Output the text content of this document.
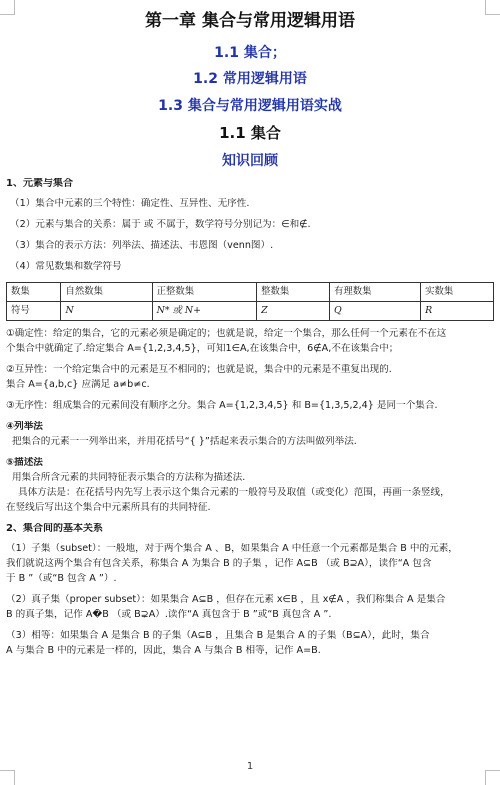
第一章 集合与常用逻辑用语
1.1 集合；
1.2 常用逻辑用语
1.3 集合与常用逻辑用语实战
1.1 集合
知识回顾
1、元素与集合
（1）集合中元素的三个特性：确定性、互异性、无序性.
（2）元素与集合的关系：属于 或 不属于，数学符号分别记为：∈和∉.
（3）集合的表示方法：列举法、描述法、韦恩图（venn图）.
（4）常见数集和数学符号
数集	自然数集	正整数集	整数集	有理数集	实数集
符号	N	N* 或 N+	Z	Q	R
①确定性：给定的集合，它的元素必须是确定的；也就是说，给定一个集合，那么任何一个元素在不在这
个集合中就确定了.给定集合 A={1,2,3,4,5}，可知1∈A,在该集合中，6∉A,不在该集合中；
②互异性：一个给定集合中的元素是互不相同的；也就是说，集合中的元素是不重复出现的.
集合 A={a,b,c} 应满足 a≠b≠c.
③无序性：组成集合的元素间没有顺序之分。集合 A={1,2,3,4,5} 和 B={1,3,5,2,4} 是同一个集合.
④列举法
把集合的元素一一列举出来，并用花括号“{ }”括起来表示集合的方法叫做列举法.
⑤描述法
用集合所含元素的共同特征表示集合的方法称为描述法.
具体方法是：在花括号内先写上表示这个集合元素的一般符号及取值（或变化）范围，再画一条竖线，
在竖线后写出这个集合中元素所具有的共同特征.
2、集合间的基本关系
（1）子集（subset）：一般地，对于两个集合 A 、B，如果集合 A 中任意一个元素都是集合 B 中的元素，
我们就说这两个集合有包含关系，称集合 A 为集合 B 的子集 ，记作 A⊆B （或 B⊇A），读作“A 包含
于 B ”（或“B 包含 A ”）.
（2）真子集（proper subset）：如果集合 A⊆B ，但存在元素 x∈B ，且 x∉A ，我们称集合 A 是集合
B 的真子集，记作 A�B （或 B⊋A）.读作“A 真包含于 B ”或“B 真包含 A ”.
（3）相等：如果集合 A 是集合 B 的子集（A⊆B ，且集合 B 是集合 A 的子集（B⊆A），此时，集合
A 与集合 B 中的元素是一样的，因此，集合 A 与集合 B 相等，记作 A=B.
1
